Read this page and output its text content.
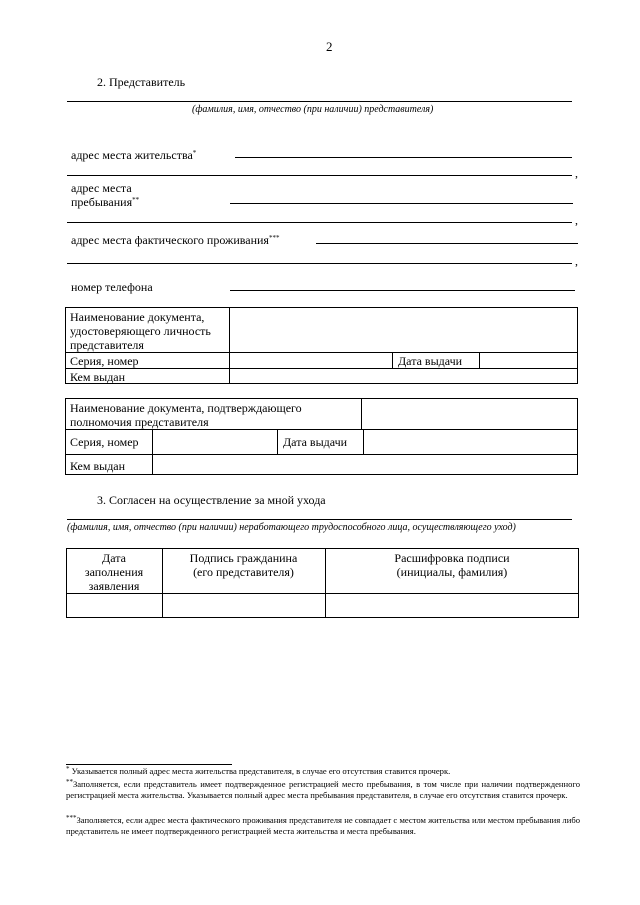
2
2. Представитель
(фамилия, имя, отчество (при наличии) представителя)
адрес места жительства*
,
адрес места
пребывания**
,
адрес места фактического проживания***
,
номер телефона
Наименование документа,
удостоверяющего личность
представителя
Серия, номер	Дата выдачи
Кем выдан
Наименование документа, подтверждающего
полномочия представителя
Серия, номер	Дата выдачи
Кем выдан
3. Согласен на осуществление за мной ухода
(фамилия, имя, отчество (при наличии) неработающего трудоспособного лица, осуществляющего уход)
Дата
заполнения
заявления
Подпись гражданина
(его представителя)
Расшифровка подписи
(инициалы, фамилия)
* Указывается полный адрес места жительства представителя, в случае его отсутствия ставится прочерк.
**Заполняется, если представитель имеет подтвержденное регистрацией место пребывания, в том числе при наличии подтвержденного регистрацией места жительства. Указывается полный адрес места пребывания представителя, в случае его отсутствия ставится прочерк.
***Заполняется, если адрес места фактического проживания представителя не совпадает с местом жительства или местом пребывания либо представитель не имеет подтвержденного регистрацией места жительства и места пребывания.
